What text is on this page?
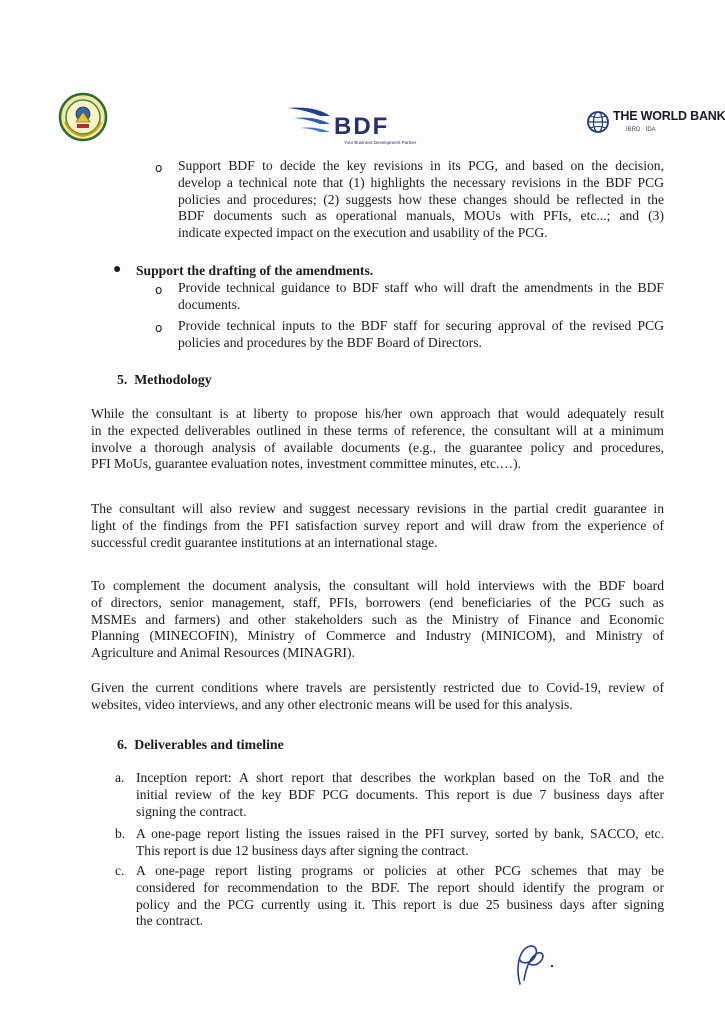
BDF
Your Business Development Partner
THE WORLD BANK
IBRD · IDA
o Support BDF to decide the key revisions in its PCG, and based on the decision,
develop a technical note that (1) highlights the necessary revisions in the BDF PCG
policies and procedures; (2) suggests how these changes should be reflected in the
BDF documents such as operational manuals, MOUs with PFIs, etc...; and (3)
indicate expected impact on the execution and usability of the PCG.
● Support the drafting of the amendments.
o Provide technical guidance to BDF staff who will draft the amendments in the BDF
documents.
o Provide technical inputs to the BDF staff for securing approval of the revised PCG
policies and procedures by the BDF Board of Directors.
5. Methodology
While the consultant is at liberty to propose his/her own approach that would adequately result
in the expected deliverables outlined in these terms of reference, the consultant will at a minimum
involve a thorough analysis of available documents (e.g., the guarantee policy and procedures,
PFI MoUs, guarantee evaluation notes, investment committee minutes, etc.…).
The consultant will also review and suggest necessary revisions in the partial credit guarantee in
light of the findings from the PFI satisfaction survey report and will draw from the experience of
successful credit guarantee institutions at an international stage.
To complement the document analysis, the consultant will hold interviews with the BDF board
of directors, senior management, staff, PFIs, borrowers (end beneficiaries of the PCG such as
MSMEs and farmers) and other stakeholders such as the Ministry of Finance and Economic
Planning (MINECOFIN), Ministry of Commerce and Industry (MINICOM), and Ministry of
Agriculture and Animal Resources (MINAGRI).
Given the current conditions where travels are persistently restricted due to Covid-19, review of
websites, video interviews, and any other electronic means will be used for this analysis.
6. Deliverables and timeline
a. Inception report: A short report that describes the workplan based on the ToR and the
initial review of the key BDF PCG documents. This report is due 7 business days after
signing the contract.
b. A one-page report listing the issues raised in the PFI survey, sorted by bank, SACCO, etc.
This report is due 12 business days after signing the contract.
c. A one-page report listing programs or policies at other PCG schemes that may be
considered for recommendation to the BDF. The report should identify the program or
policy and the PCG currently using it. This report is due 25 business days after signing
the contract.
